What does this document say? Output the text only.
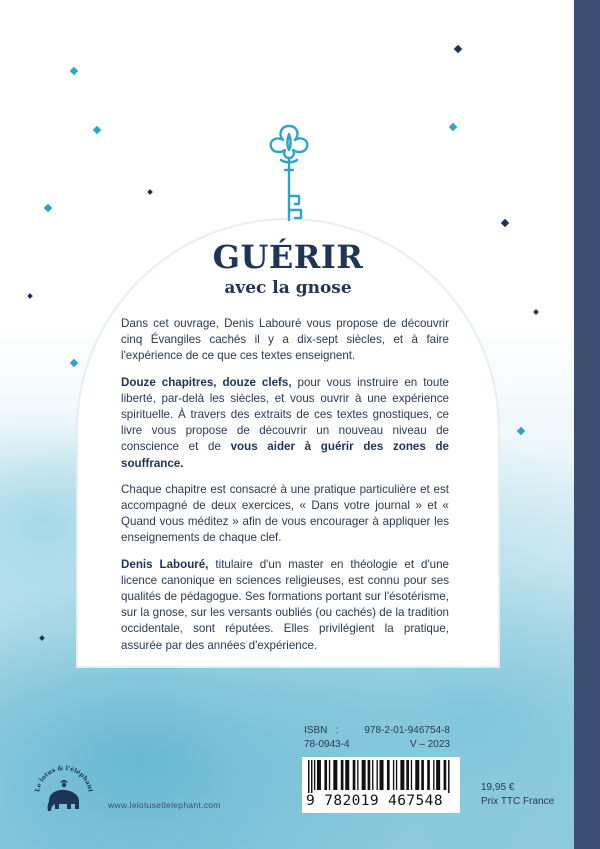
GUÉRIR
avec la gnose

Dans cet ouvrage, Denis Labouré vous propose de découvrir cinq Évangiles cachés il y a dix-sept siècles, et à faire l'expérience de ce que ces textes enseignent.

Douze chapitres, douze clefs, pour vous instruire en toute liberté, par-delà les siècles, et vous ouvrir à une expérience spirituelle. À travers des extraits de ces textes gnostiques, ce livre vous propose de découvrir un nouveau niveau de conscience et de vous aider à guérir des zones de souffrance.

Chaque chapitre est consacré à une pratique particulière et est accompagné de deux exercices, « Dans votre journal » et « Quand vous méditez » afin de vous encourager à appliquer les enseignements de chaque clef.

Denis Labouré, titulaire d'un master en théologie et d'une licence canonique en sciences religieuses, est connu pour ses qualités de pédagogue. Ses formations portant sur l'ésotérisme, sur la gnose, sur les versants oubliés (ou cachés) de la tradition occidentale, sont réputées. Elles privilégient la pratique, assurée par des années d'expérience.

ISBN :	978-2-01-946754-8
78-0943-4	V – 2023
9 782019 467548
19,95 €
Prix TTC France
Le lotus & l'éléphant
www.lelotusetlelephant.com
